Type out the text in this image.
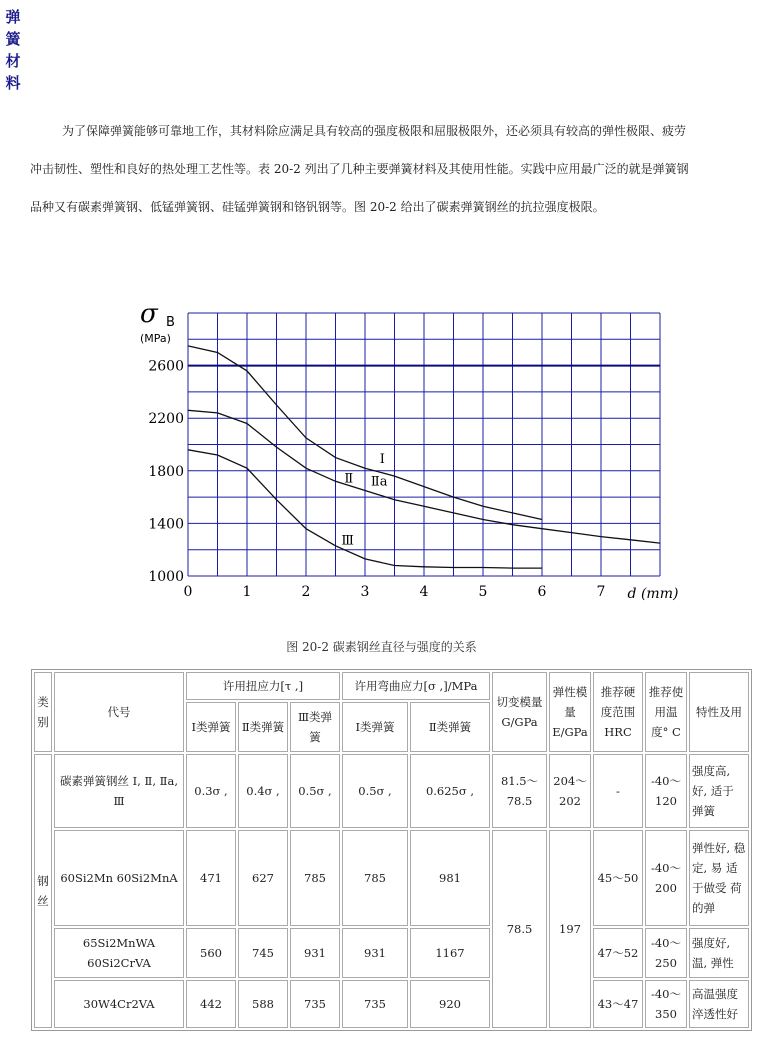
弹
簧
材
料

为了保障弹簧能够可靠地工作，其材料除应满足具有较高的强度极限和屈服极限外，还必须具有较高的弹性极限、疲劳

冲击韧性、塑性和良好的热处理工艺性等。表 20-2 列出了几种主要弹簧材料及其使用性能。实践中应用最广泛的就是弹簧钢

品种又有碳素弹簧钢、低锰弹簧钢、硅锰弹簧钢和铬钒钢等。图 20-2 给出了碳素弹簧钢丝的抗拉强度极限。

1000
1400
1800
2200
2600
0	1	2	3	4	5	6	7
σ B
(MPa)
d (mm)
Ⅰ
Ⅱ Ⅱa
Ⅲ
图 20-2 碳素钢丝直径与强度的关系
类别	代号	许用扭应力[τ ,]			许用弯曲应力[σ ,]/MPa		切变模量 G/GPa	弹性模量 E/GPa	推荐硬度范围 HRC	推荐使用温度° C	特性及用
		Ⅰ类弹簧	Ⅱ类弹簧	Ⅲ类弹簧	Ⅰ类弹簧	Ⅱ类弹簧					
钢丝	碳素弹簧钢丝 Ⅰ, Ⅱ, Ⅱa, Ⅲ	0.3σ ,	0.4σ ,	0.5σ ,	0.5σ ,	0.625σ ,	81.5～ 78.5	204～ 202	-	-40～ 120	强度高, 好, 适于 弹簧
	60Si2Mn 60Si2MnA	471	627	785	785	981	78.5	197	45～50	-40～ 200	弹性好, 稳定, 易 适于做受 荷的弹
	65Si2MnWA 60Si2CrVA	560	745	931	931	1167			47～52	-40～ 250	强度好, 温, 弹性
	30W4Cr2VA	442	588	735	735	920			43～47	-40～ 350	高温强度 淬透性好
